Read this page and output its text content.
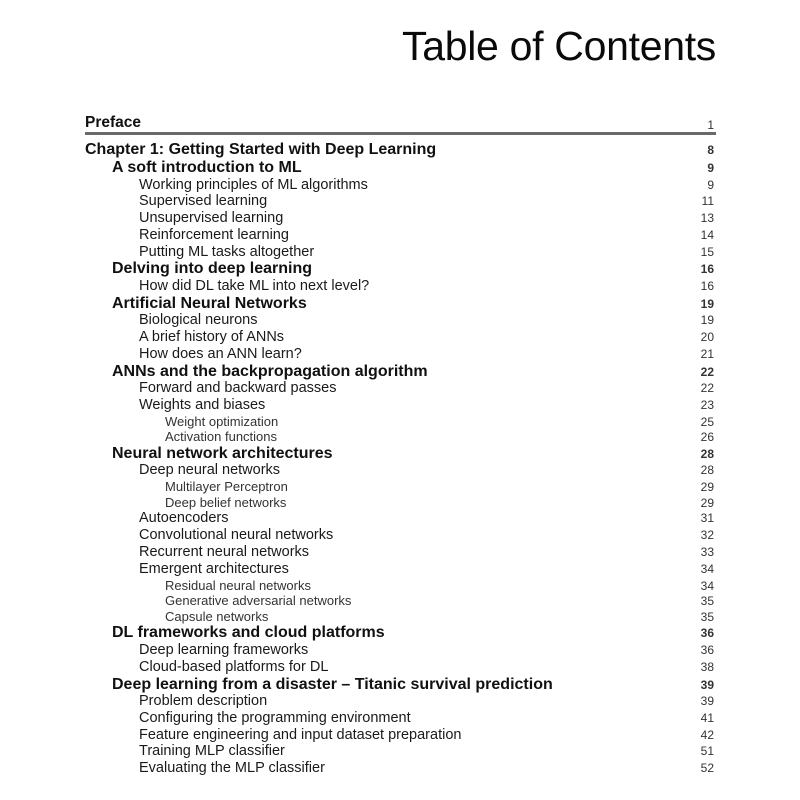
Table of Contents
Preface	1
Chapter 1: Getting Started with Deep Learning	8
A soft introduction to ML	9
Working principles of ML algorithms	9
Supervised learning	11
Unsupervised learning	13
Reinforcement learning	14
Putting ML tasks altogether	15
Delving into deep learning	16
How did DL take ML into next level?	16
Artificial Neural Networks	19
Biological neurons	19
A brief history of ANNs	20
How does an ANN learn?	21
ANNs and the backpropagation algorithm	22
Forward and backward passes	22
Weights and biases	23
Weight optimization	25
Activation functions	26
Neural network architectures	28
Deep neural networks	28
Multilayer Perceptron	29
Deep belief networks	29
Autoencoders	31
Convolutional neural networks	32
Recurrent neural networks	33
Emergent architectures	34
Residual neural networks	34
Generative adversarial networks	35
Capsule networks	35
DL frameworks and cloud platforms	36
Deep learning frameworks	36
Cloud-based platforms for DL	38
Deep learning from a disaster – Titanic survival prediction	39
Problem description	39
Configuring the programming environment	41
Feature engineering and input dataset preparation	42
Training MLP classifier	51
Evaluating the MLP classifier	52
